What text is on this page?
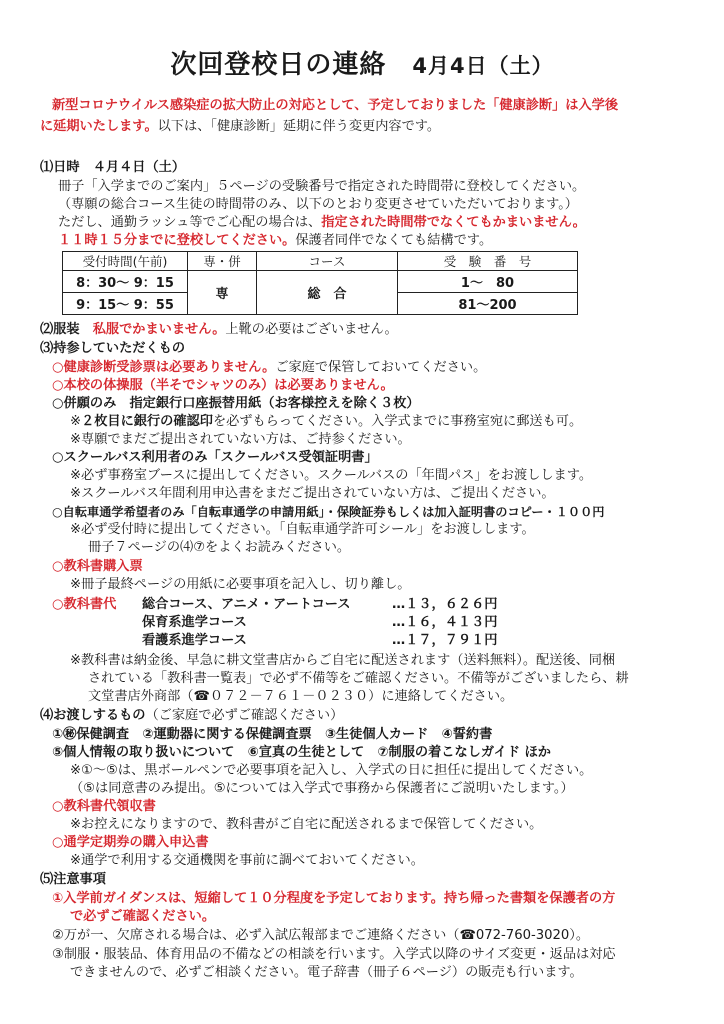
次回登校日の連絡 4月4日（土）
新型コロナウイルス感染症の拡大防止の対応として、予定しておりました「健康診断」は入学後
に延期いたします。以下は、「健康診断」延期に伴う変更内容です。
⑴日時　４月４日（土）
冊子「入学までのご案内」５ページの受験番号で指定された時間帯に登校してください。
（専願の総合コース生徒の時間帯のみ、以下のとおり変更させていただいております。）
ただし、通勤ラッシュ等でご心配の場合は、指定された時間帯でなくてもかまいません。
１１時１５分までに登校してください。保護者同伴でなくても結構です。
受付時間(午前)	専・併	コース	受　験　番　号
8：30～ 9：15	専	総　合	1～　80
9：15～ 9：55			81～200
⑵服装　 私服でかまいません。上靴の必要はございません。
⑶持参していただくもの
○健康診断受診票は必要ありません。ご家庭で保管しておいてください。
○本校の体操服（半そでシャツのみ）は必要ありません。
○併願のみ　指定銀行口座振替用紙（お客様控えを除く３枚）
※２枚目に銀行の確認印を必ずもらってください。入学式までに事務室宛に郵送も可。
※専願でまだご提出されていない方は、ご持参ください。
○スクールバス利用者のみ「スクールバス受領証明書」
※必ず事務室ブースに提出してください。スクールバスの「年間パス」をお渡しします。
※スクールバス年間利用申込書をまだご提出されていない方は、ご提出ください。
○自転車通学希望者のみ「自転車通学の申請用紙」・保険証券もしくは加入証明書のコピー・１００円
※必ず受付時に提出してください。「自転車通学許可シール」をお渡しします。
冊子７ページの⑷⑦をよくお読みください。
○教科書購入票
※冊子最終ページの用紙に必要事項を記入し、切り離し。
○教科書代 総合コース、アニメ・アートコース	…１３，６２６円
保育系進学コース	…１６，４１３円
看護系進学コース	…１７，７９１円
※教科書は納金後、早急に耕文堂書店からご自宅に配送されます（送料無料）。配送後、同梱
されている「教科書一覧表」で必ず不備等をご確認ください。不備等がございましたら、耕
文堂書店外商部（☎０７２－７６１－０２３０）に連絡してください。
⑷お渡しするもの（ご家庭で必ずご確認ください）
①㊙保健調査　②運動器に関する保健調査票　③生徒個人カード　④誓約書
⑤個人情報の取り扱いについて　⑥宣真の生徒として　⑦制服の着こなしガイド ほか
※①～⑤は、黒ボールペンで必要事項を記入し、入学式の日に担任に提出してください。
（⑤は同意書のみ提出。⑤については入学式で事務から保護者にご説明いたします。）
○教科書代領収書
※お控えになりますので、教科書がご自宅に配送されるまで保管してください。
○通学定期券の購入申込書
※通学で利用する交通機関を事前に調べておいてください。
⑸注意事項
①入学前ガイダンスは、短縮して１０分程度を予定しております。持ち帰った書類を保護者の方
で必ずご確認ください。
②万が一、欠席される場合は、必ず入試広報部までご連絡ください（☎072-760-3020）。
③制服・服装品、体育用品の不備などの相談を行います。入学式以降のサイズ変更・返品は対応
できませんので、必ずご相談ください。電子辞書（冊子６ページ）の販売も行います。
